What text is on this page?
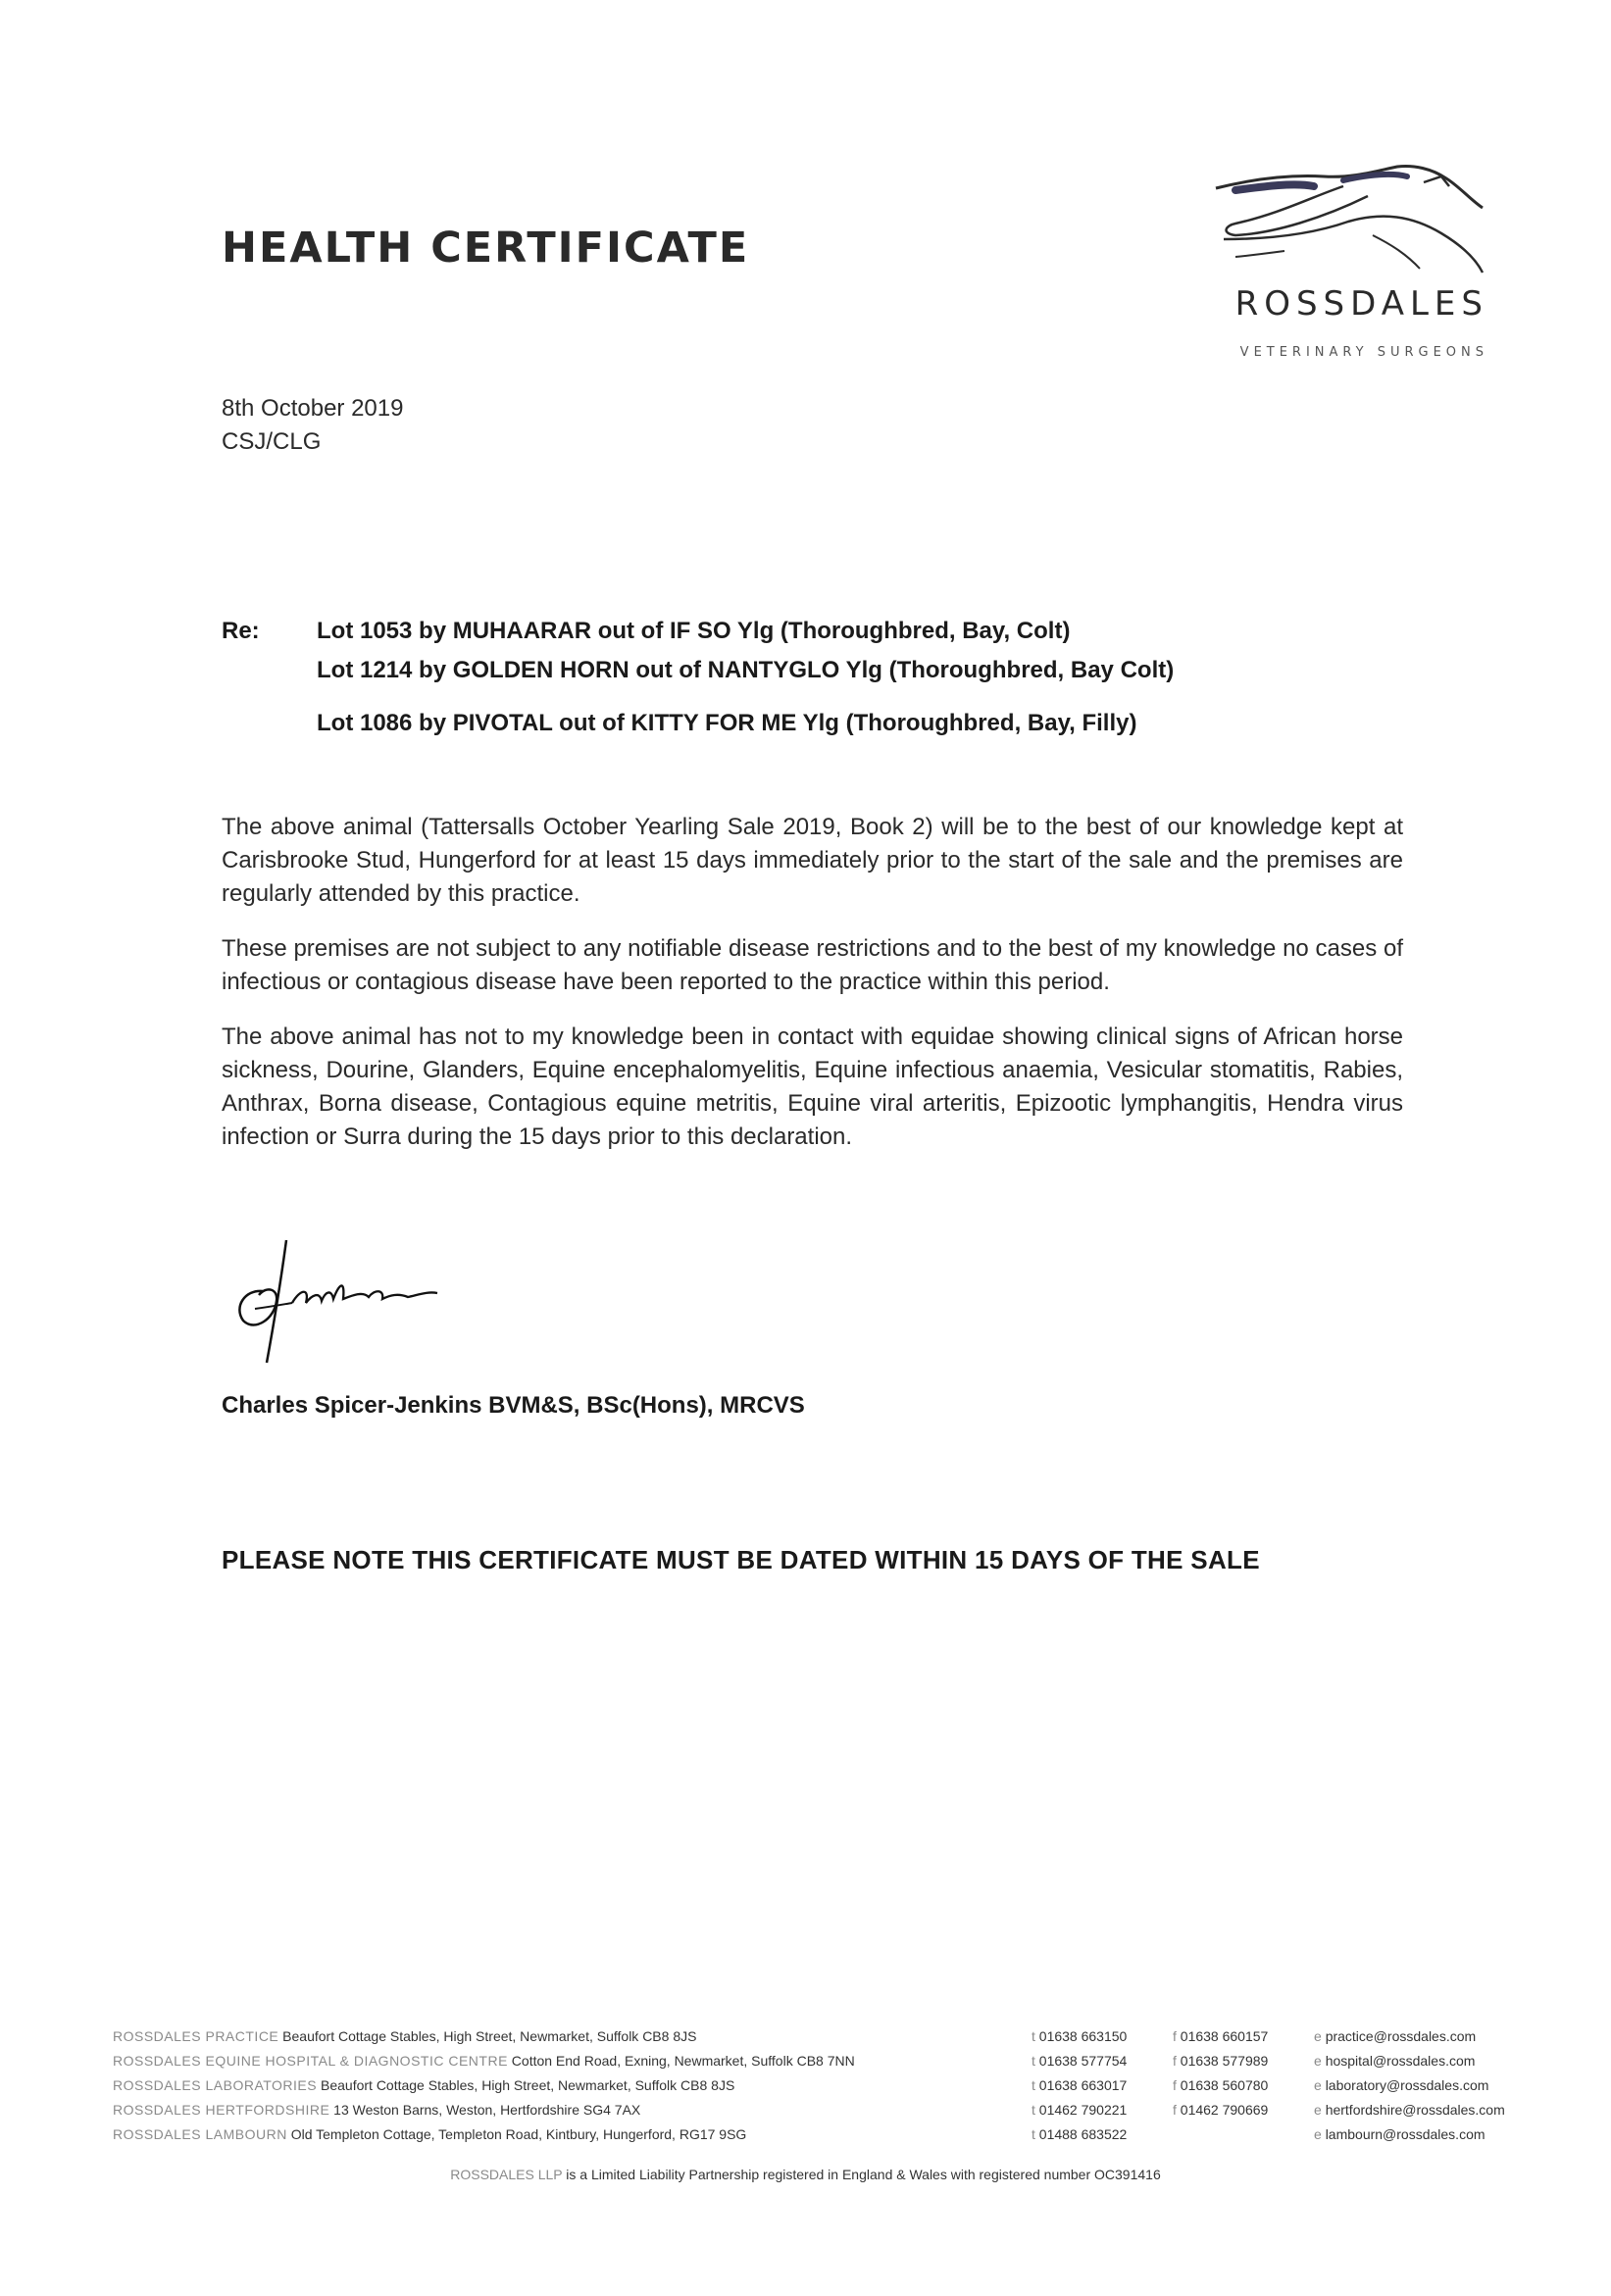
HEALTH CERTIFICATE
ROSSDALES
VETERINARY SURGEONS
8th October 2019
CSJ/CLG
Re: Lot 1053 by MUHAARAR out of IF SO Ylg (Thoroughbred, Bay, Colt)
Lot 1214 by GOLDEN HORN out of NANTYGLO Ylg (Thoroughbred, Bay Colt)
Lot 1086 by PIVOTAL out of KITTY FOR ME Ylg (Thoroughbred, Bay, Filly)
The above animal (Tattersalls October Yearling Sale 2019, Book 2) will be to the best of our knowledge kept at Carisbrooke Stud, Hungerford for at least 15 days immediately prior to the start of the sale and the premises are regularly attended by this practice.
These premises are not subject to any notifiable disease restrictions and to the best of my knowledge no cases of infectious or contagious disease have been reported to the practice within this period.
The above animal has not to my knowledge been in contact with equidae showing clinical signs of African horse sickness, Dourine, Glanders, Equine encephalomyelitis, Equine infectious anaemia, Vesicular stomatitis, Rabies, Anthrax, Borna disease, Contagious equine metritis, Equine viral arteritis, Epizootic lymphangitis, Hendra virus infection or Surra during the 15 days prior to this declaration.
Charles Spicer-Jenkins BVM&S, BSc(Hons), MRCVS
PLEASE NOTE THIS CERTIFICATE MUST BE DATED WITHIN 15 DAYS OF THE SALE
ROSSDALES PRACTICE Beaufort Cottage Stables, High Street, Newmarket, Suffolk CB8 8JS
ROSSDALES EQUINE HOSPITAL & DIAGNOSTIC CENTRE Cotton End Road, Exning, Newmarket, Suffolk CB8 7NN
ROSSDALES LABORATORIES Beaufort Cottage Stables, High Street, Newmarket, Suffolk CB8 8JS
ROSSDALES HERTFORDSHIRE 13 Weston Barns, Weston, Hertfordshire SG4 7AX
ROSSDALES LAMBOURN Old Templeton Cottage, Templeton Road, Kintbury, Hungerford, RG17 9SG
t 01638 663150
t 01638 577754
t 01638 663017
t 01462 790221
t 01488 683522
f 01638 660157
f 01638 577989
f 01638 560780
f 01462 790669
e practice@rossdales.com
e hospital@rossdales.com
e laboratory@rossdales.com
e hertfordshire@rossdales.com
e lambourn@rossdales.com
ROSSDALES LLP is a Limited Liability Partnership registered in England & Wales with registered number OC391416
